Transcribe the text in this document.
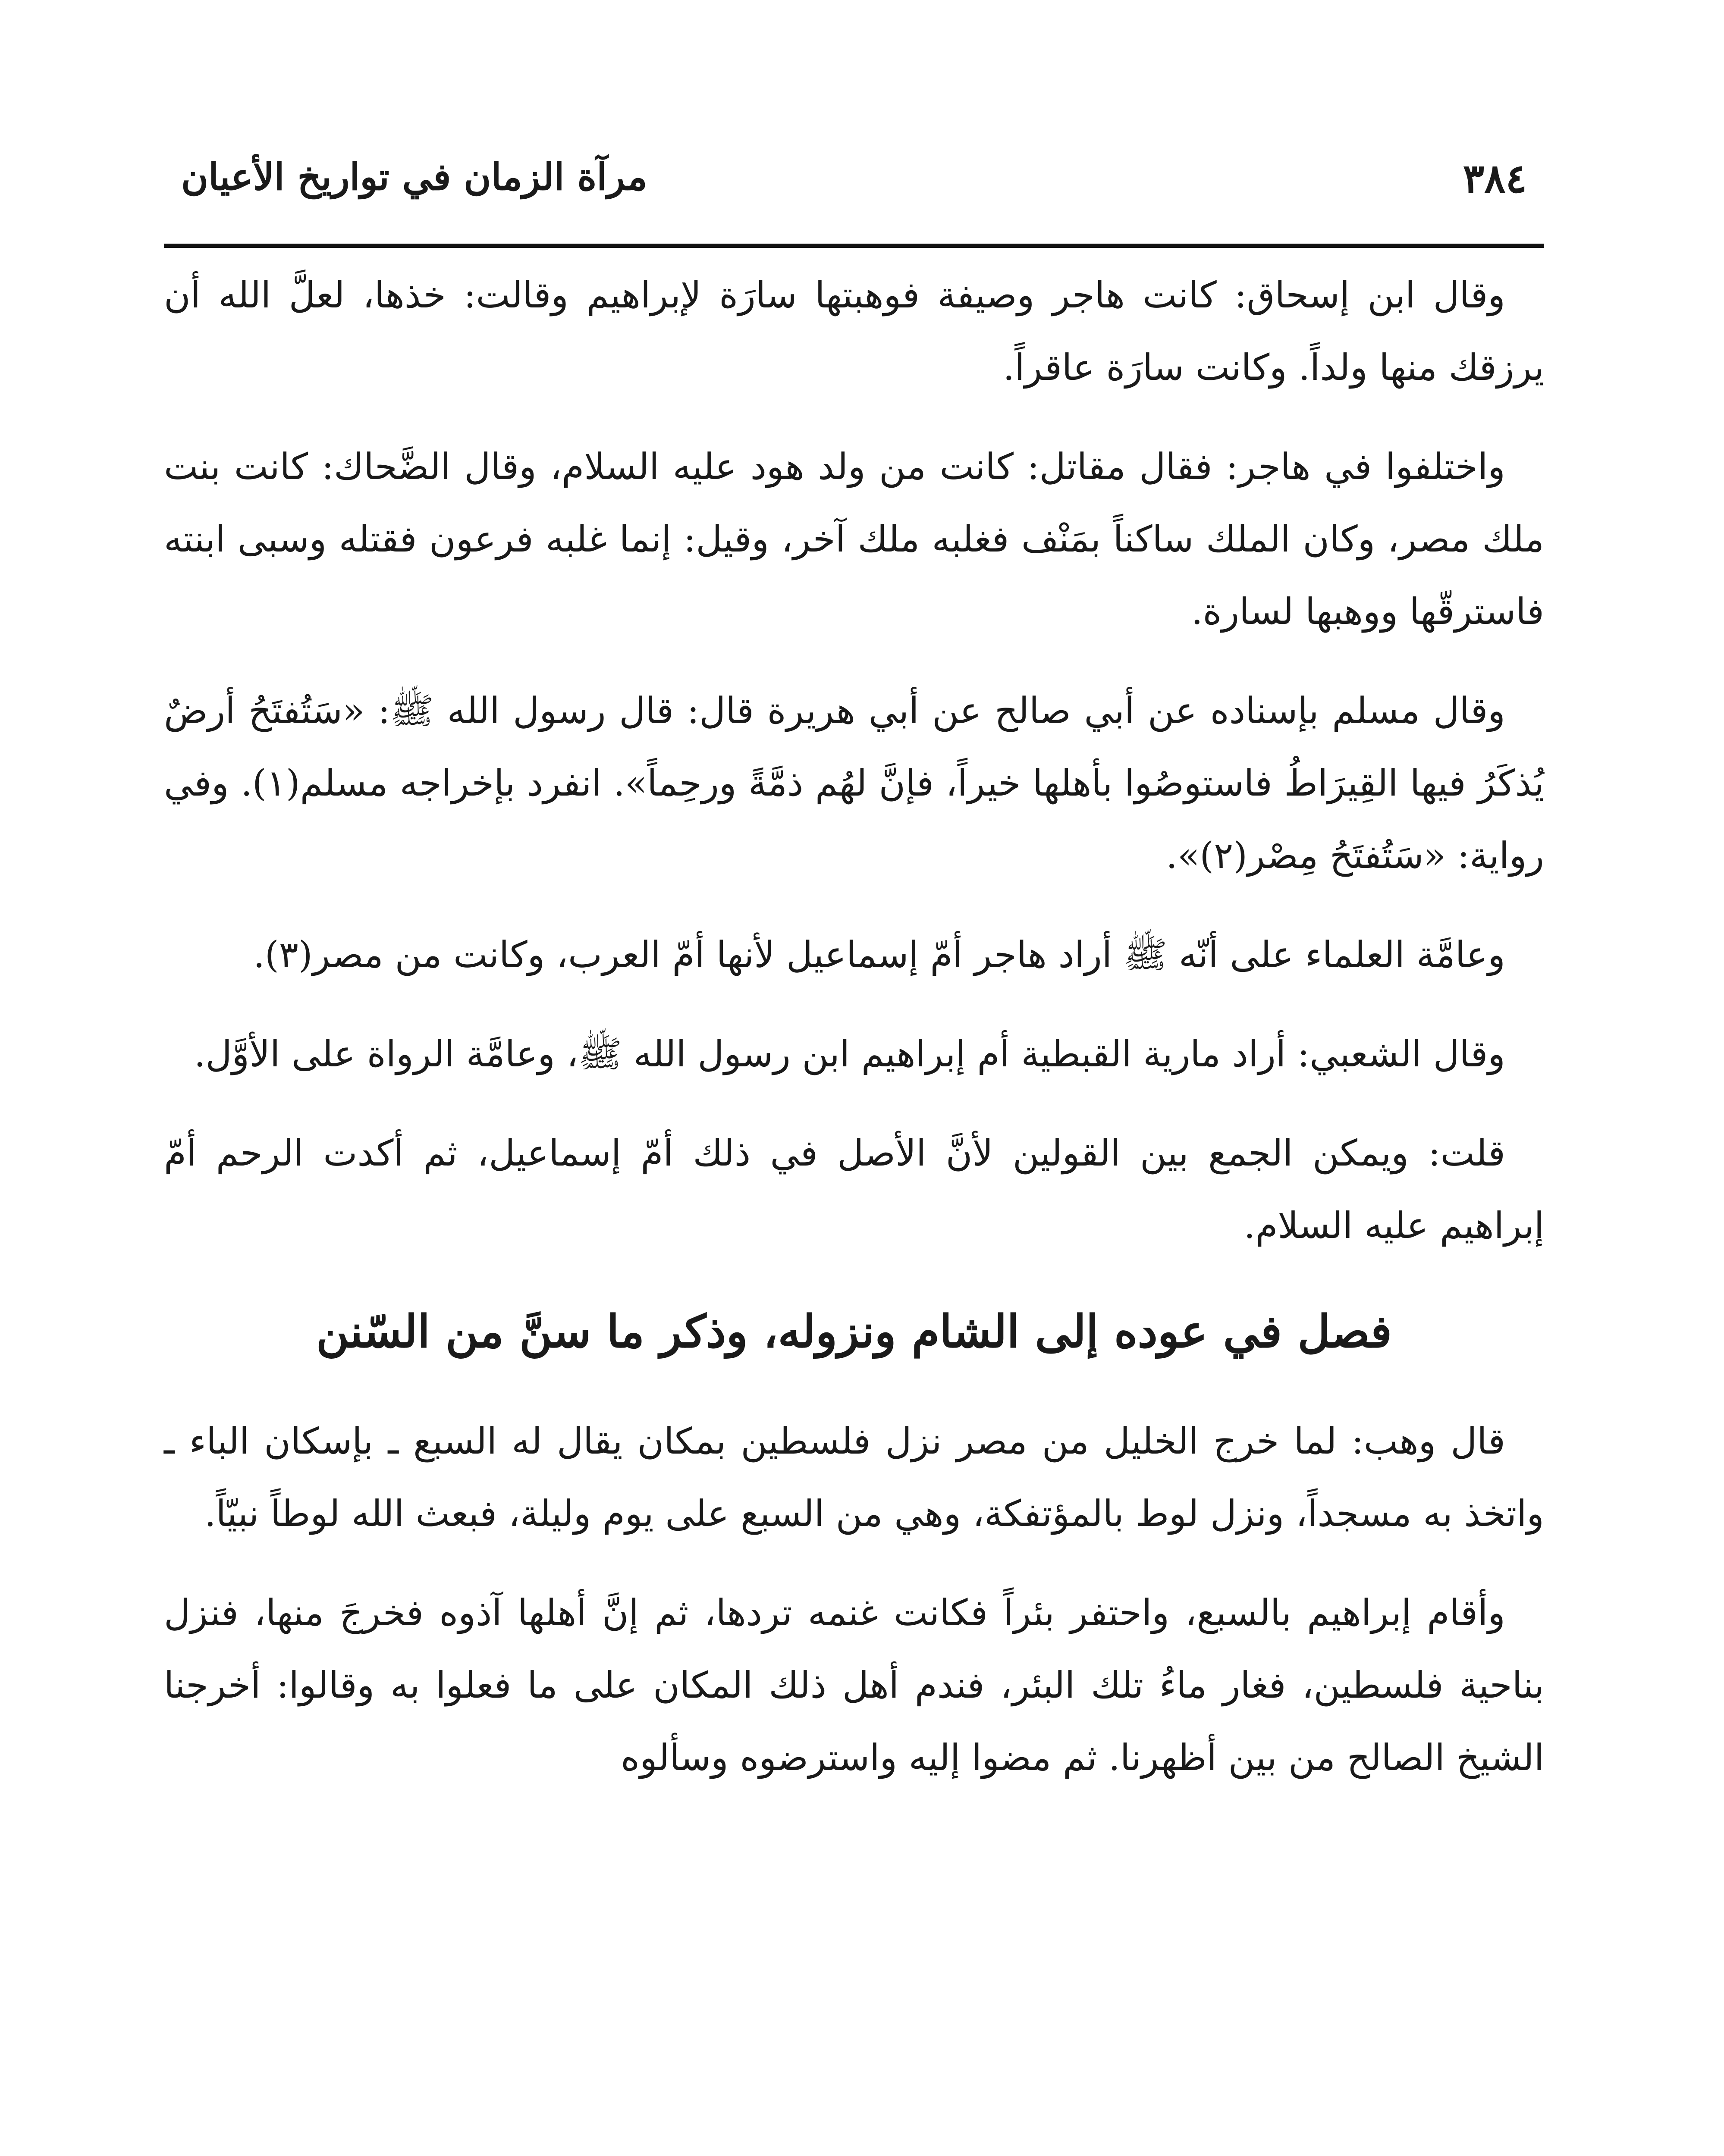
٣٨٤
مرآة الزمان في تواريخ الأعيان

وقال ابن إسحاق: كانت هاجر وصيفة فوهبتها سارَة لإبراهيم وقالت: خذها، لعلَّ الله أن يرزقك منها ولداً. وكانت سارَة عاقراً.

واختلفوا في هاجر: فقال مقاتل: كانت من ولد هود عليه السلام، وقال الضَّحاك: كانت بنت ملك مصر، وكان الملك ساكناً بمَنْف فغلبه ملك آخر، وقيل: إنما غلبه فرعون فقتله وسبى ابنته فاسترقّها ووهبها لسارة.

وقال مسلم بإسناده عن أبي صالح عن أبي هريرة قال: قال رسول الله ﷺ: «سَتُفتَحُ أرضٌ يُذكَرُ فيها القِيرَاطُ فاستوصُوا بأهلها خيراً، فإنَّ لهُم ذمَّةً ورحِماً». انفرد بإخراجه مسلم(١). وفي رواية: «سَتُفتَحُ مِصْر(٢)».

وعامَّة العلماء على أنّه ﷺ أراد هاجر أمّ إسماعيل لأنها أمّ العرب، وكانت من مصر(٣).

وقال الشعبي: أراد مارية القبطية أم إبراهيم ابن رسول الله ﷺ، وعامَّة الرواة على الأوَّل.

قلت: ويمكن الجمع بين القولين لأنَّ الأصل في ذلك أمّ إسماعيل، ثم أكدت الرحم أمّ إبراهيم عليه السلام.

فصل في عوده إلى الشام ونزوله، وذكر ما سنَّ من السّنن

قال وهب: لما خرج الخليل من مصر نزل فلسطين بمكان يقال له السبع ـ بإسكان الباء ـ واتخذ به مسجداً، ونزل لوط بالمؤتفكة، وهي من السبع على يوم وليلة، فبعث الله لوطاً نبيّاً.

وأقام إبراهيم بالسبع، واحتفر بئراً فكانت غنمه تردها، ثم إنَّ أهلها آذوه فخرجَ منها، فنزل بناحية فلسطين، فغار ماءُ تلك البئر، فندم أهل ذلك المكان على ما فعلوا به وقالوا: أخرجنا الشيخ الصالح من بين أظهرنا. ثم مضوا إليه واسترضوه وسألوه
